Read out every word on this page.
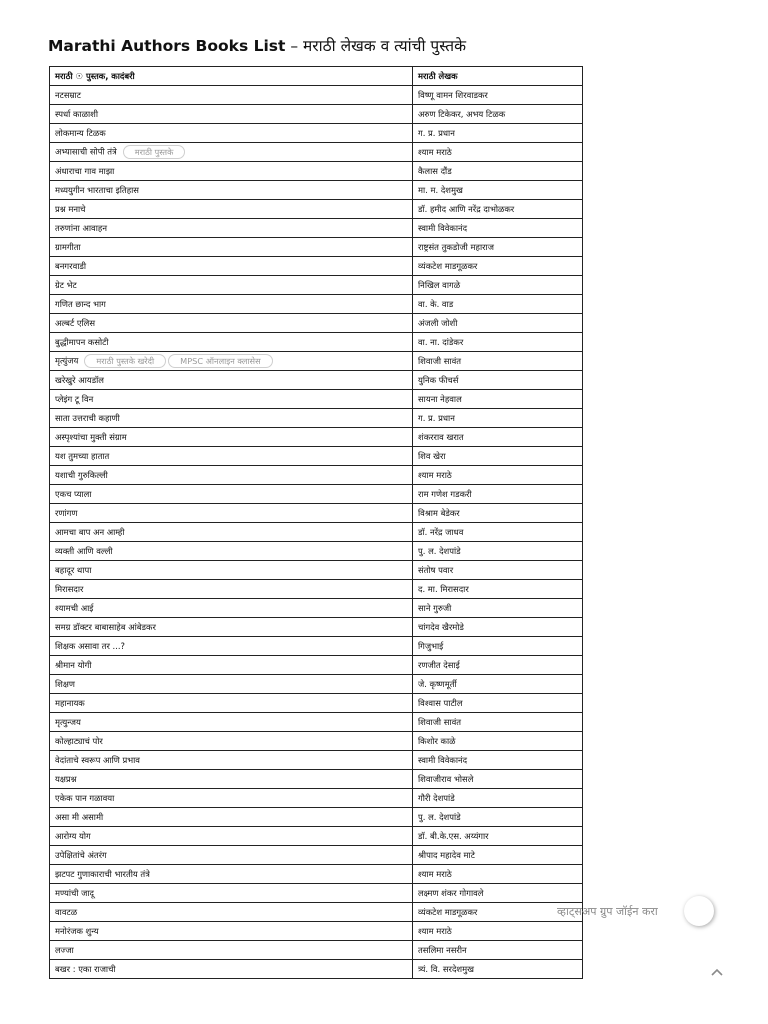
Marathi Authors Books List – मराठी लेखक व त्यांची पुस्तके
मराठी ☉ पुस्तक, कादंबरी	मराठी लेखक
नटसम्राट	विष्णू वामन शिरवाडकर
स्पर्धा काळाशी	अरुण टिकेकर, अभय टिळक
लोकमान्य टिळक	ग. प्र. प्रधान
अभ्यासाची सोपी तंत्रे मराठी पुस्तके	श्याम मराठे
अंधाराचा गाव माझा	कैलास दौंड
मध्ययुगीन भारताचा इतिहास	मा. म. देशमुख
प्रश्न मनाचे	डॉ. हमीद आणि नरेंद्र दाभोळकर
तरुणांना आवाहन	स्वामी विवेकानंद
ग्रामगीता	राष्ट्रसंत तुकडोजी महाराज
बनगरवाडी	व्यंकटेश माडगूळकर
ग्रेट भेट	निखिल वागळे
गणित छान्द भाग	वा. के. वाड
अल्बर्ट एलिस	अंजली जोशी
बुद्धीमापन कसोटी	वा. ना. दांडेकर
मृत्युंजय मराठी पुस्तके खरेदी MPSC ऑनलाइन क्लासेस	शिवाजी सावंत
खरेखुरे आयडॉल	युनिक फीचर्स
प्लेइंग टू विन	सायना नेहवाल
साता उत्तराची कहाणी	ग. प्र. प्रधान
अस्पृश्यांचा मुक्ती संग्राम	शंकरराव खरात
यश तुमच्या हातात	शिव खेरा
यशाची गुरुकिल्ली	श्याम मराठे
एकच प्याला	राम गणेश गडकरी
रणांगण	विश्राम बेडेकर
आमचा बाप अन आम्ही	डॉ. नरेंद्र जाधव
व्यक्ती आणि वल्ली	पु. ल. देशपांडे
बहादूर थापा	संतोष पवार
मिरासदार	द. मा. मिरासदार
श्यामची आई	साने गुरुजी
समग्र डॉक्टर बाबासाहेब आंबेडकर	चांगदेव खैरमोडे
शिक्षक असावा तर ...?	गिजुभाई
श्रीमान योगी	रणजीत देसाई
शिक्षण	जे. कृष्णमूर्ती
महानायक	विश्वास पाटील
मृत्युन्जय	शिवाजी सावंत
कोल्हाट्याचं पोर	किशोर काळे
वेदांताचे स्वरूप आणि प्रभाव	स्वामी विवेकानंद
यक्षप्रश्न	शिवाजीराव भोसले
एकेक पान गळावया	गौरी देशपांडे
असा मी असामी	पु. ल. देशपांडे
आरोग्य योग	डॉ. बी.के.एस. अय्यंगार
उपेक्षितांचे अंतरंग	श्रीपाद महादेव माटे
झटपट गुणाकाराची भारतीय तंत्रे	श्याम मराठे
मण्यांची जादू	लक्ष्मण शंकर गोगावले
वावटळ	व्यंकटेश माडगूळकर
मनोरंजक शुन्य	श्याम मराठे
लज्जा	तसलिमा नसरीन
बखर : एका राजाची	त्र्यं. वि. सरदेशमुख
व्हाट्सअप ग्रुप जॉईन करा
